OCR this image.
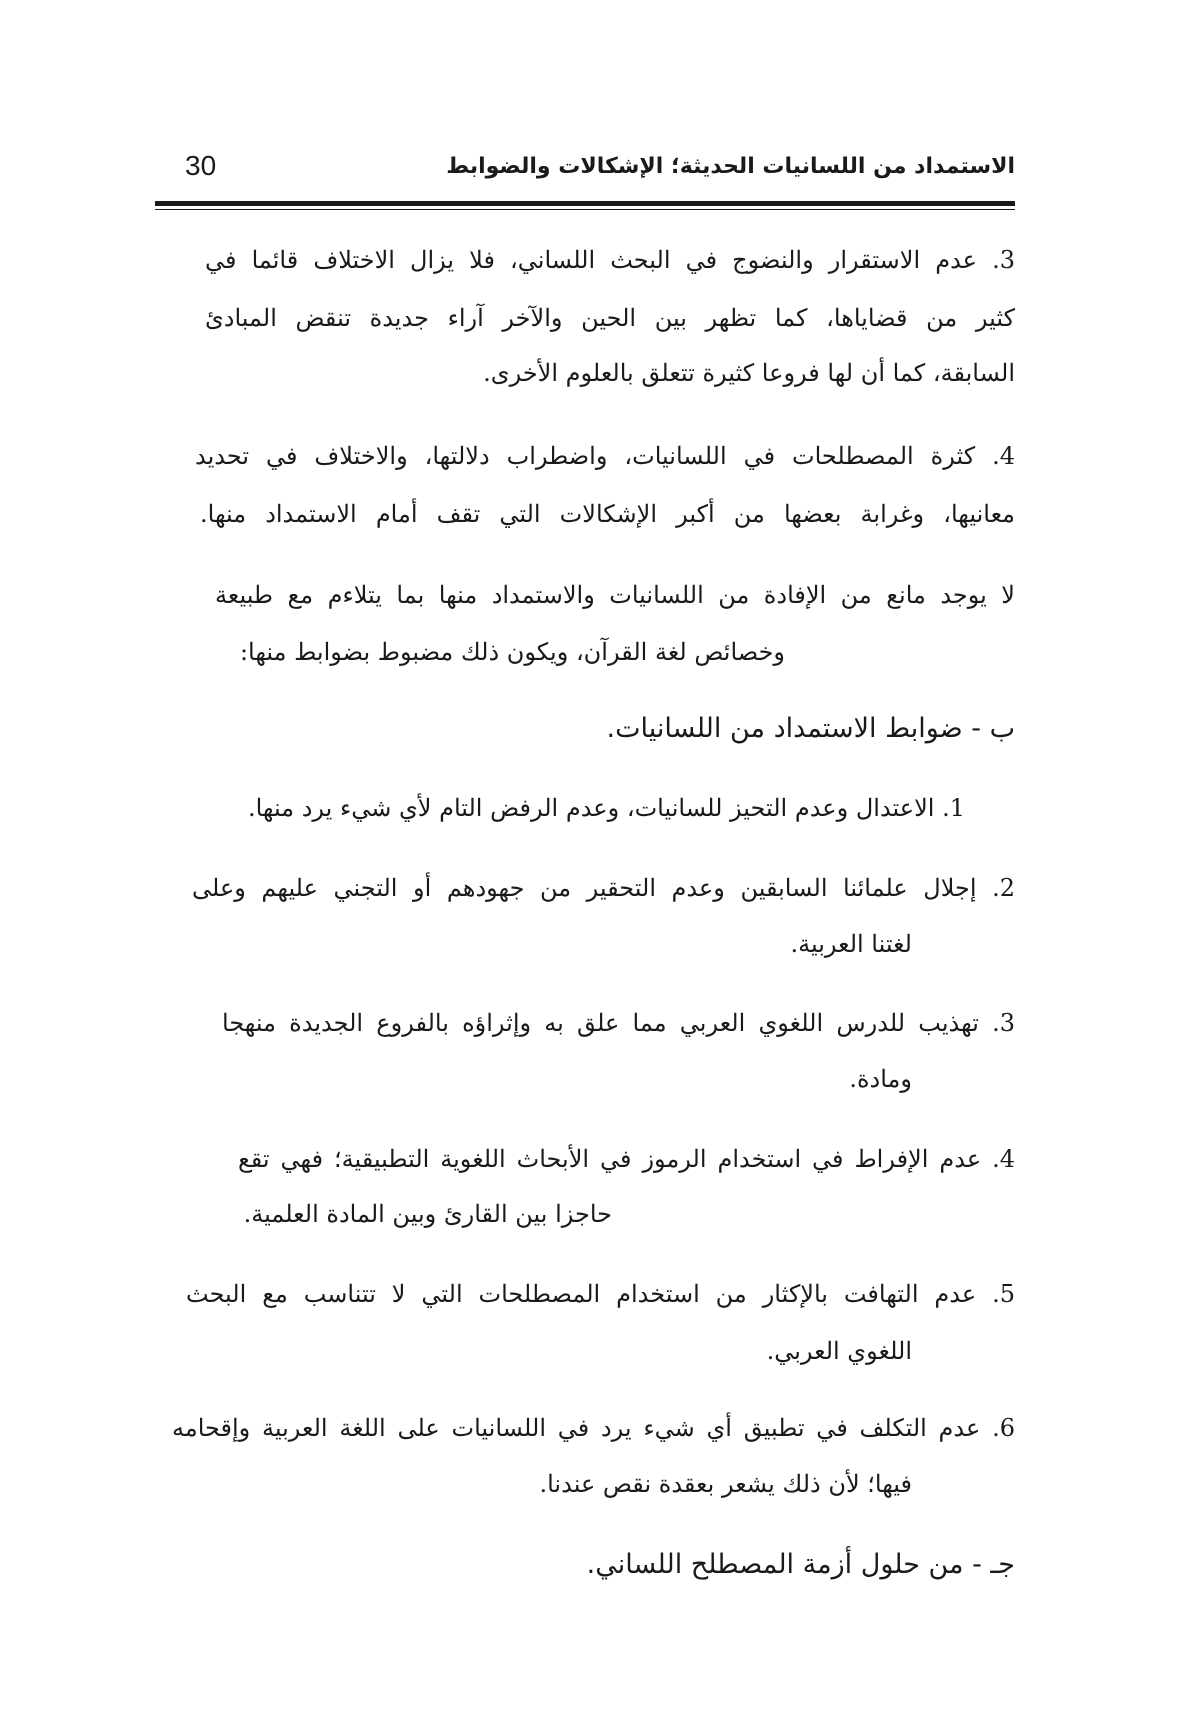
30	الاستمداد من اللسانيات الحديثة؛ الإشكالات والضوابط
3. عدم الاستقرار والنضوج في البحث اللساني، فلا يزال الاختلاف قائما في
كثير من قضاياها، كما تظهر بين الحين والآخر آراء جديدة تنقض المبادئ
السابقة، كما أن لها فروعا كثيرة تتعلق بالعلوم الأخرى.
4. كثرة المصطلحات في اللسانيات، واضطراب دلالتها، والاختلاف في تحديد
معانيها، وغرابة بعضها من أكبر الإشكالات التي تقف أمام الاستمداد منها.
لا يوجد مانع من الإفادة من اللسانيات والاستمداد منها بما يتلاءم مع طبيعة
وخصائص لغة القرآن، ويكون ذلك مضبوط بضوابط منها:
ب - ضوابط الاستمداد من اللسانيات.
1. الاعتدال وعدم التحيز للسانيات، وعدم الرفض التام لأي شيء يرد منها.
2. إجلال علمائنا السابقين وعدم التحقير من جهودهم أو التجني عليهم وعلى
لغتنا العربية.
3. تهذيب للدرس اللغوي العربي مما علق به وإثراؤه بالفروع الجديدة منهجا
ومادة.
4. عدم الإفراط في استخدام الرموز في الأبحاث اللغوية التطبيقية؛ فهي تقع
حاجزا بين القارئ وبين المادة العلمية.
5. عدم التهافت بالإكثار من استخدام المصطلحات التي لا تتناسب مع البحث
اللغوي العربي.
6. عدم التكلف في تطبيق أي شيء يرد في اللسانيات على اللغة العربية وإقحامه
فيها؛ لأن ذلك يشعر بعقدة نقص عندنا.
جـ - من حلول أزمة المصطلح اللساني.
